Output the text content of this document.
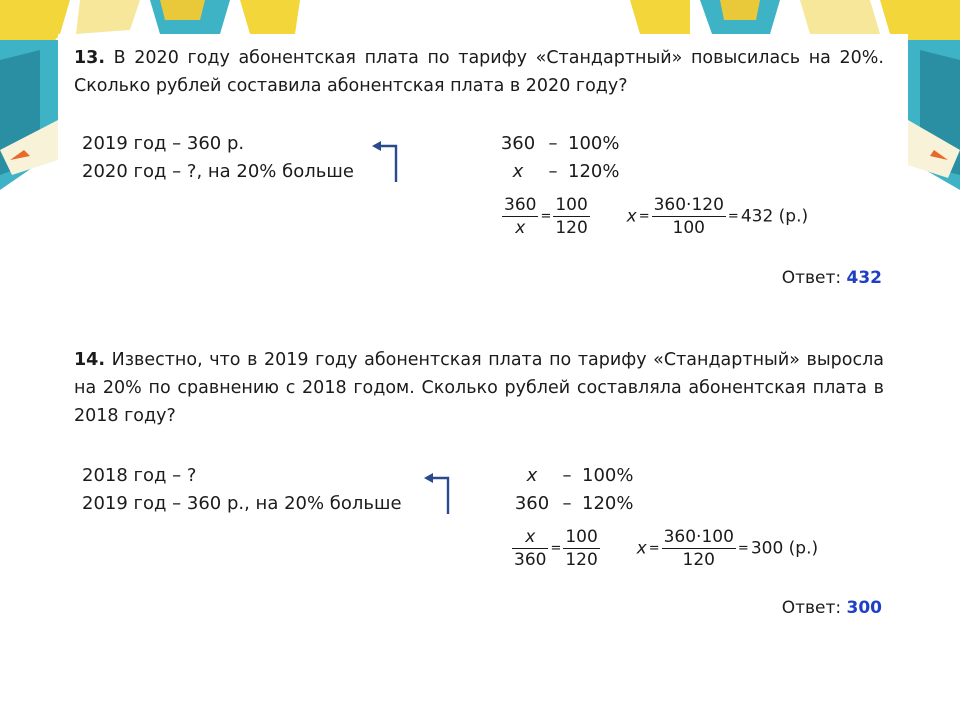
13. В 2020 году абонентская плата по тарифу «Стандартный» повысилась на 20%. Сколько рублей составила абонентская плата в 2020 году?
2019 год – 360 р.
2020 год – ?, на 20% больше
360 – 100%
x – 120%
$\frac{360}{x} = \frac{100}{120}$ $x = \frac{360\cdot 120}{100} = 432$ (р.)
Ответ: 432
14. Известно, что в 2019 году абонентская плата по тарифу «Стандартный» выросла на 20% по сравнению с 2018 годом. Сколько рублей составляла абонентская плата в 2018 году?
2018 год – ?
2019 год – 360 р., на 20% больше
x – 100%
360 – 120%
$\frac{x}{360} = \frac{100}{120}$ $x = \frac{360\cdot 100}{120} = 300$ (р.)
Ответ: 300
